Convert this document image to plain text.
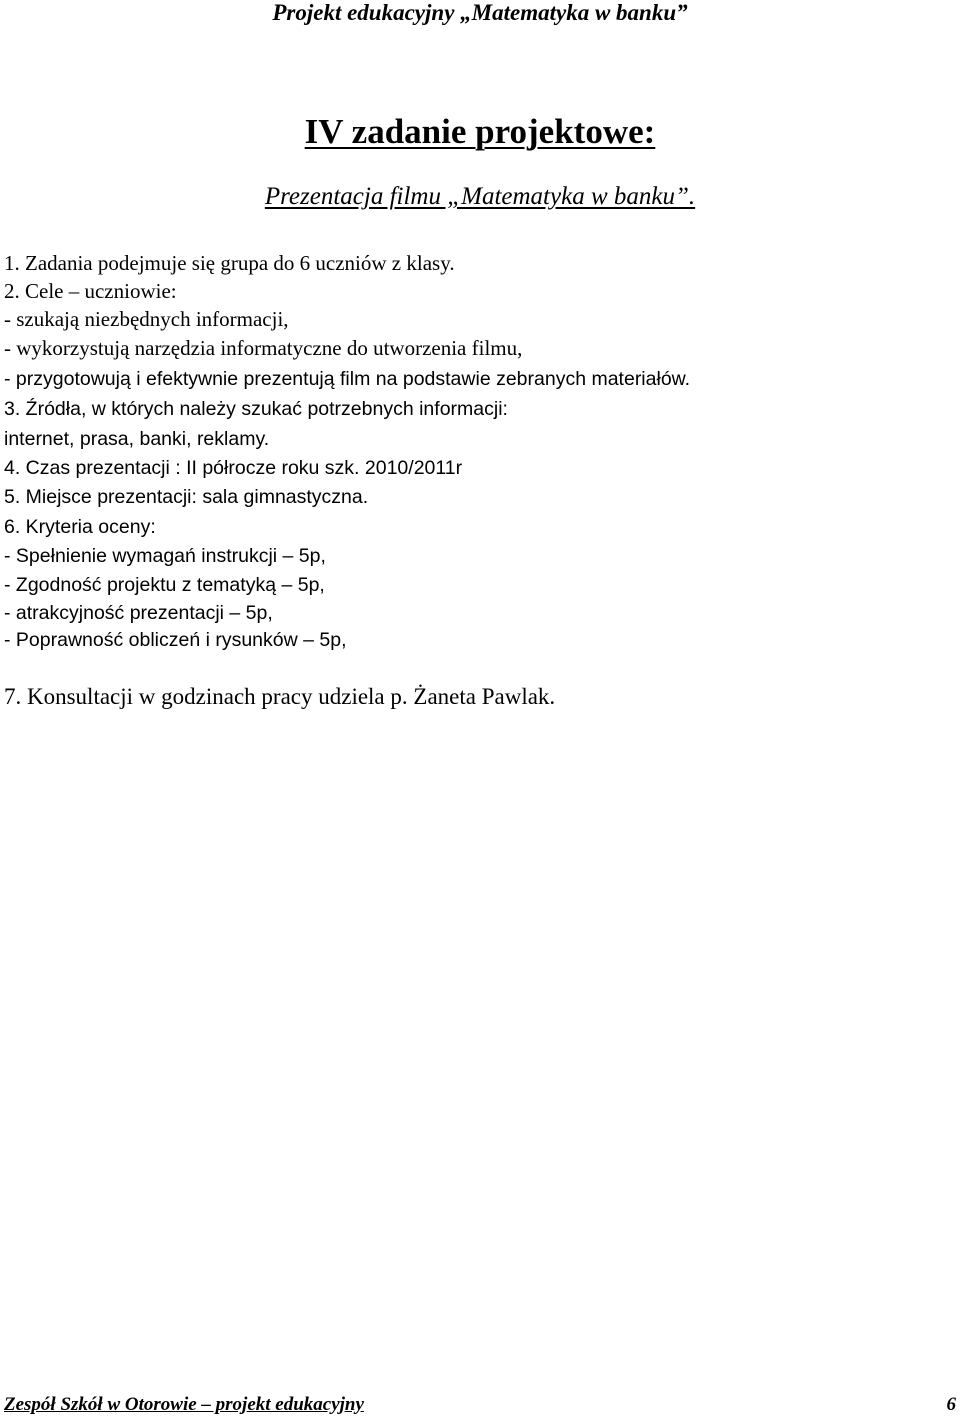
Projekt edukacyjny „Matematyka w banku”
IV zadanie projektowe:
Prezentacja filmu „Matematyka w banku”.
1. Zadania podejmuje się grupa do 6 uczniów z klasy.
2. Cele – uczniowie:
- szukają niezbędnych informacji,
- wykorzystują narzędzia informatyczne do utworzenia filmu,
- przygotowują i efektywnie prezentują film na podstawie zebranych materiałów.
3. Źródła, w których należy szukać potrzebnych informacji:
internet, prasa, banki, reklamy.
4. Czas prezentacji : II półrocze roku szk. 2010/2011r
5. Miejsce prezentacji: sala gimnastyczna.
6. Kryteria oceny:
- Spełnienie wymagań instrukcji – 5p,
- Zgodność projektu z tematyką – 5p,
- atrakcyjność prezentacji – 5p,
- Poprawność obliczeń i rysunków – 5p,
7. Konsultacji w godzinach pracy udziela p. Żaneta Pawlak.
Zespół Szkół w Otorowie – projekt edukacyjny	6
